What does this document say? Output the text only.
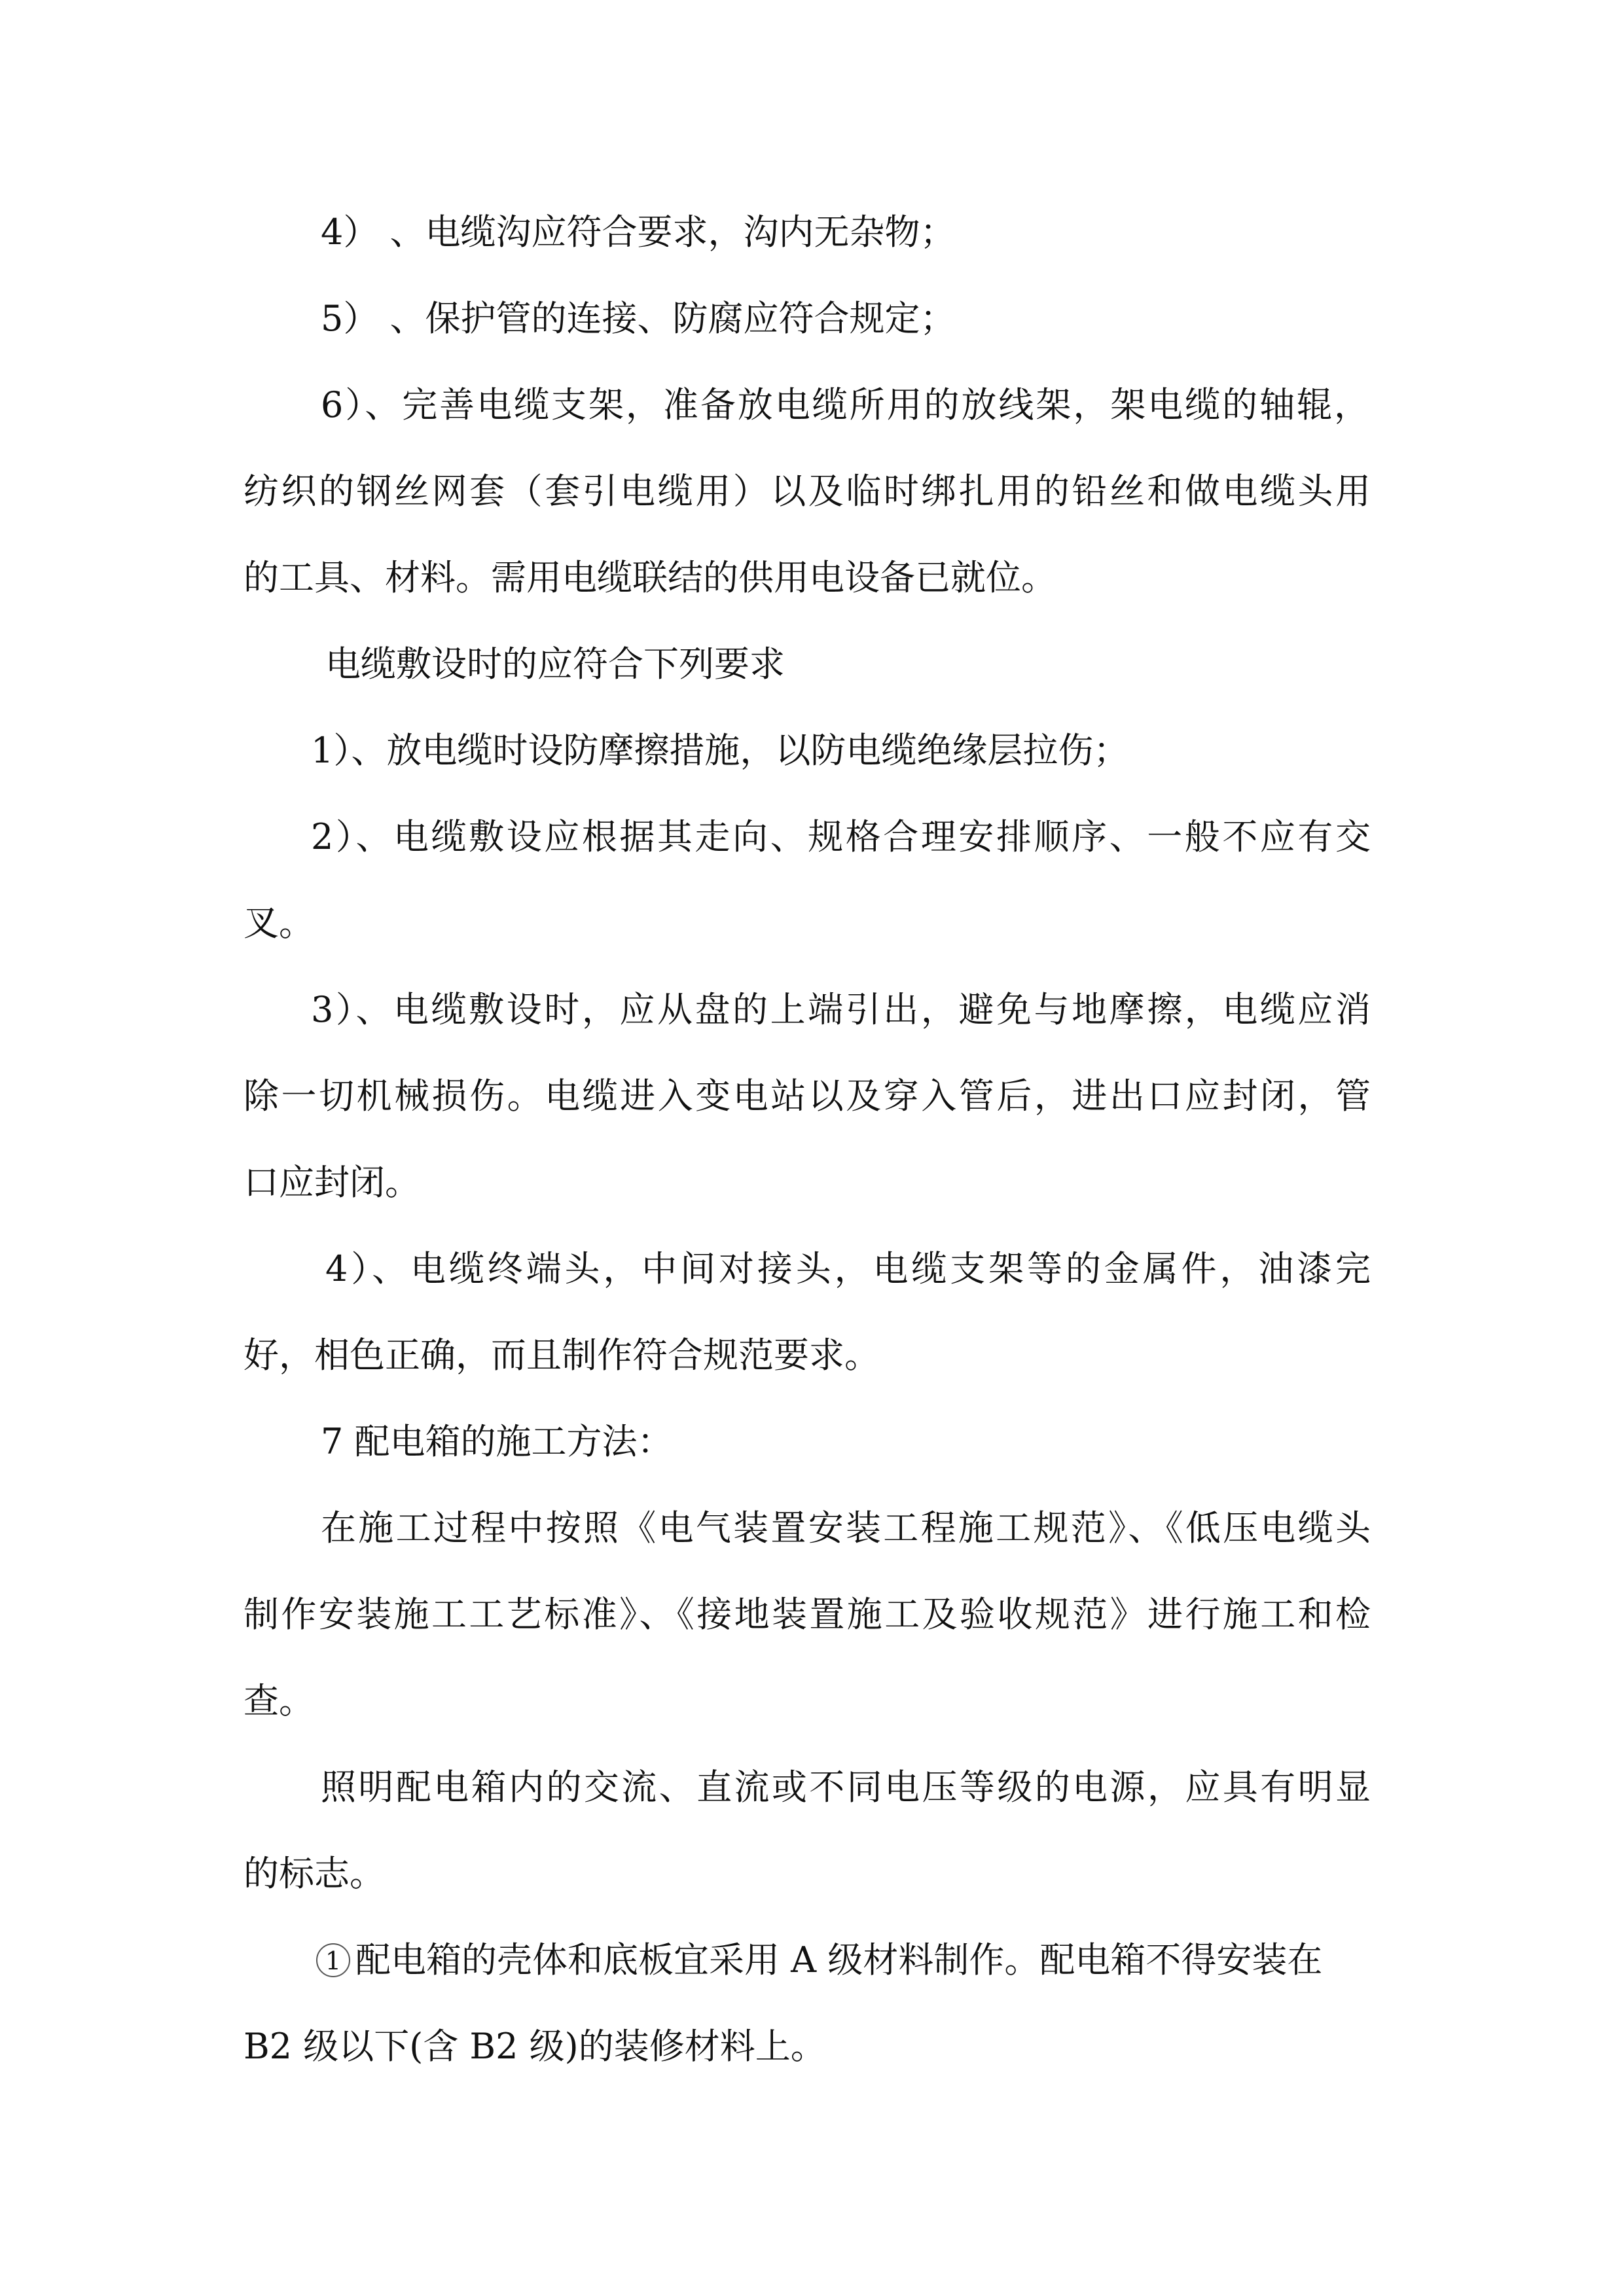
4） 、电缆沟应符合要求，沟内无杂物；
5） 、保护管的连接、防腐应符合规定；
6）、完善电缆支架，准备放电缆所用的放线架，架电缆的轴辊，
纺织的钢丝网套（套引电缆用）以及临时绑扎用的铅丝和做电缆头用
的工具、材料。需用电缆联结的供用电设备已就位。
电缆敷设时的应符合下列要求
1）、放电缆时设防摩擦措施，以防电缆绝缘层拉伤；
2）、电缆敷设应根据其走向、规格合理安排顺序、一般不应有交
叉。
3）、电缆敷设时，应从盘的上端引出，避免与地摩擦，电缆应消
除一切机械损伤。电缆进入变电站以及穿入管后，进出口应封闭，管
口应封闭。
4）、电缆终端头，中间对接头，电缆支架等的金属件，油漆完
好，相色正确，而且制作符合规范要求。
7 配电箱的施工方法：
在施工过程中按照《电气装置安装工程施工规范》、《低压电缆头
制作安装施工工艺标准》、《接地装置施工及验收规范》进行施工和检
查。
照明配电箱内的交流、直流或不同电压等级的电源，应具有明显
的标志。
1 配电箱的壳体和底板宜采用 A 级材料制作。配电箱不得安装在
B2 级以下(含 B2 级)的装修材料上。
